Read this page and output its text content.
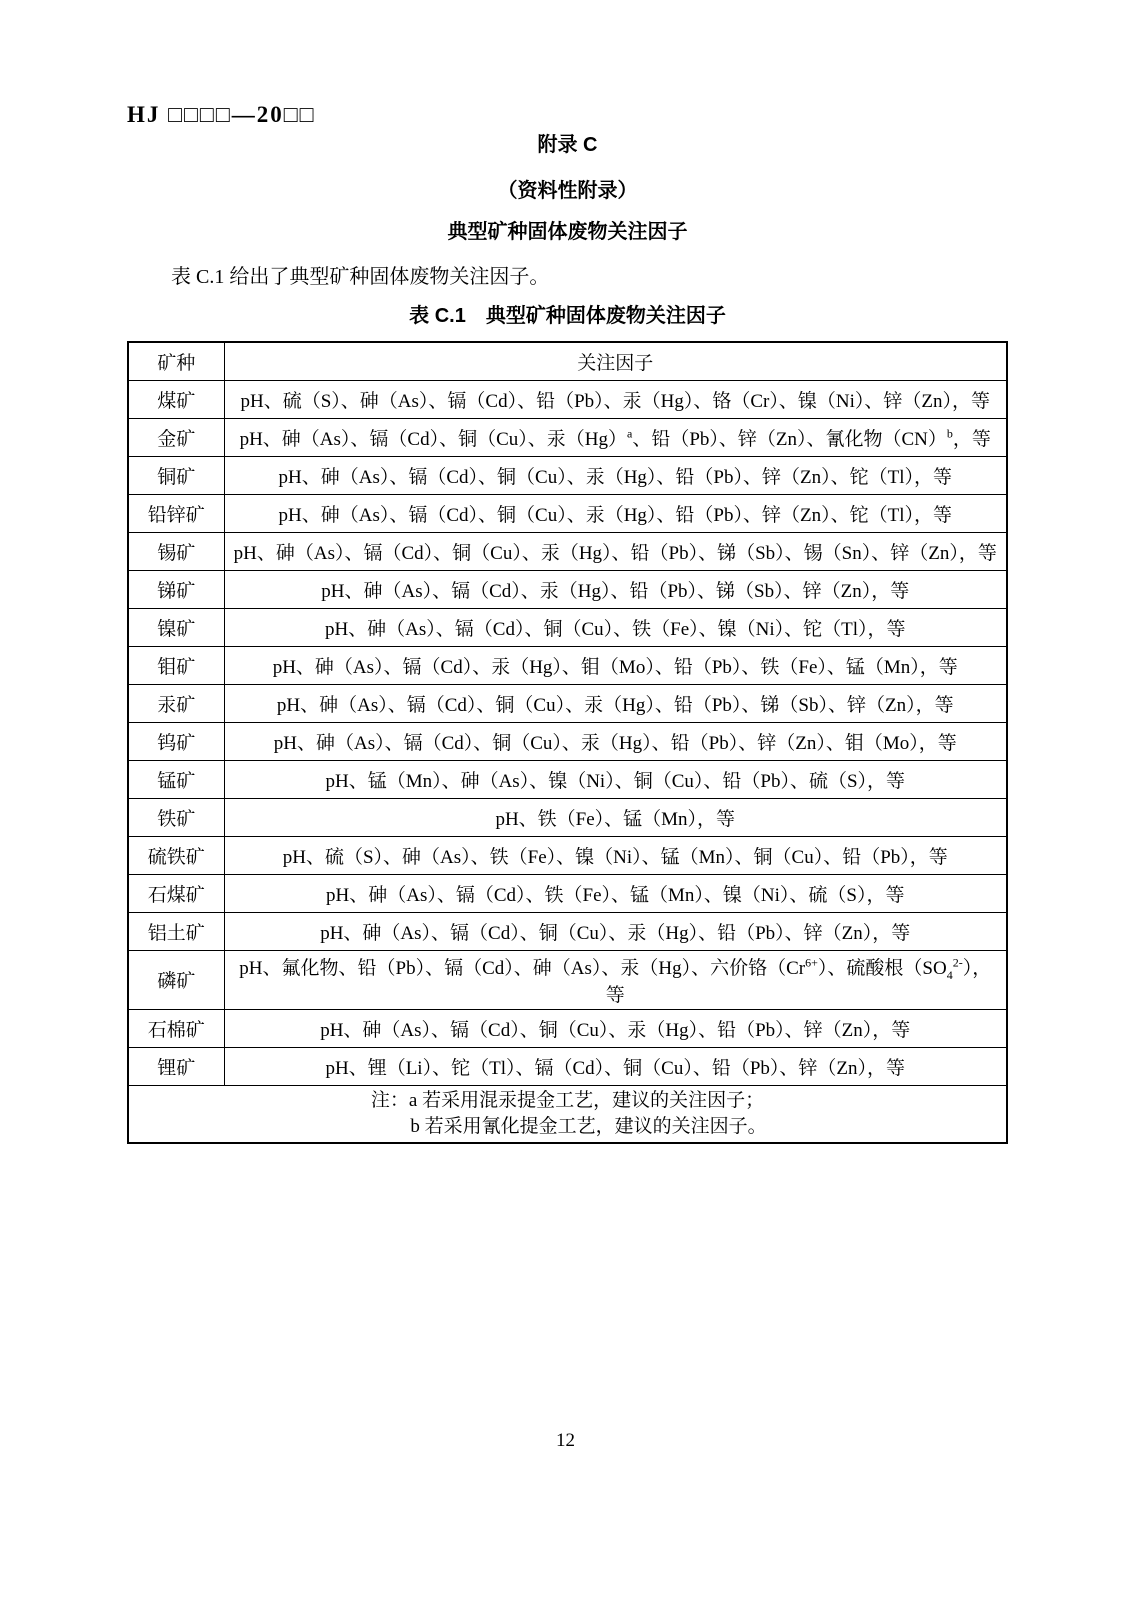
HJ □□□□—20□□
附录 C
（资料性附录）
典型矿种固体废物关注因子

表 C.1 给出了典型矿种固体废物关注因子。

表 C.1　典型矿种固体废物关注因子
矿种	关注因子
煤矿	pH、硫（S）、砷（As）、镉（Cd）、铅（Pb）、汞（Hg）、铬（Cr）、镍（Ni）、锌（Zn），等
金矿	pH、砷（As）、镉（Cd）、铜（Cu）、汞$(Hg)^a$、铅（Pb）、锌（Zn）、氰化物（CN）$^b$，等
铜矿	pH、砷（As）、镉（Cd）、铜（Cu）、汞（Hg）、铅（Pb）、锌（Zn）、铊（Tl），等
铅锌矿	pH、砷（As）、镉（Cd）、铜（Cu）、汞（Hg）、铅（Pb）、锌（Zn）、铊（Tl），等
锡矿	pH、砷（As）、镉（Cd）、铜（Cu）、汞（Hg）、铅（Pb）、锑（Sb）、锡（Sn）、锌（Zn），等
锑矿	pH、砷（As）、镉（Cd）、汞（Hg）、铅（Pb）、锑（Sb）、锌（Zn），等
镍矿	pH、砷（As）、镉（Cd）、铜（Cu）、铁（Fe）、镍（Ni）、铊（Tl），等
钼矿	pH、砷（As）、镉（Cd）、汞（Hg）、钼（Mo）、铅（Pb）、铁（Fe）、锰（Mn），等
汞矿	pH、砷（As）、镉（Cd）、铜（Cu）、汞（Hg）、铅（Pb）、锑（Sb）、锌（Zn），等
钨矿	pH、砷（As）、镉（Cd）、铜（Cu）、汞（Hg）、铅（Pb）、锌（Zn）、钼（Mo），等
锰矿	pH、锰（Mn）、砷（As）、镍（Ni）、铜（Cu）、铅（Pb）、硫（S），等
铁矿	pH、铁（Fe）、锰（Mn），等
硫铁矿	pH、硫（S）、砷（As）、铁（Fe）、镍（Ni）、锰（Mn）、铜（Cu）、铅（Pb），等
石煤矿	pH、砷（As）、镉（Cd）、铁（Fe）、锰（Mn）、镍（Ni）、硫（S），等
铝土矿	pH、砷（As）、镉（Cd）、铜（Cu）、汞（Hg）、铅（Pb）、锌（Zn），等
磷矿	pH、氟化物、铅（Pb）、镉（Cd）、砷（As）、汞（Hg）、六价铬$(Cr^{6+})$、硫酸根$(SO_4^{2-})$，等
石棉矿	pH、砷（As）、镉（Cd）、铜（Cu）、汞（Hg）、铅（Pb）、锌（Zn），等
锂矿	pH、锂（Li）、铊（Tl）、镉（Cd）、铜（Cu）、铅（Pb）、锌（Zn），等

注：a 若采用混汞提金工艺，建议的关注因子；
b 若采用氰化提金工艺，建议的关注因子。	
12
